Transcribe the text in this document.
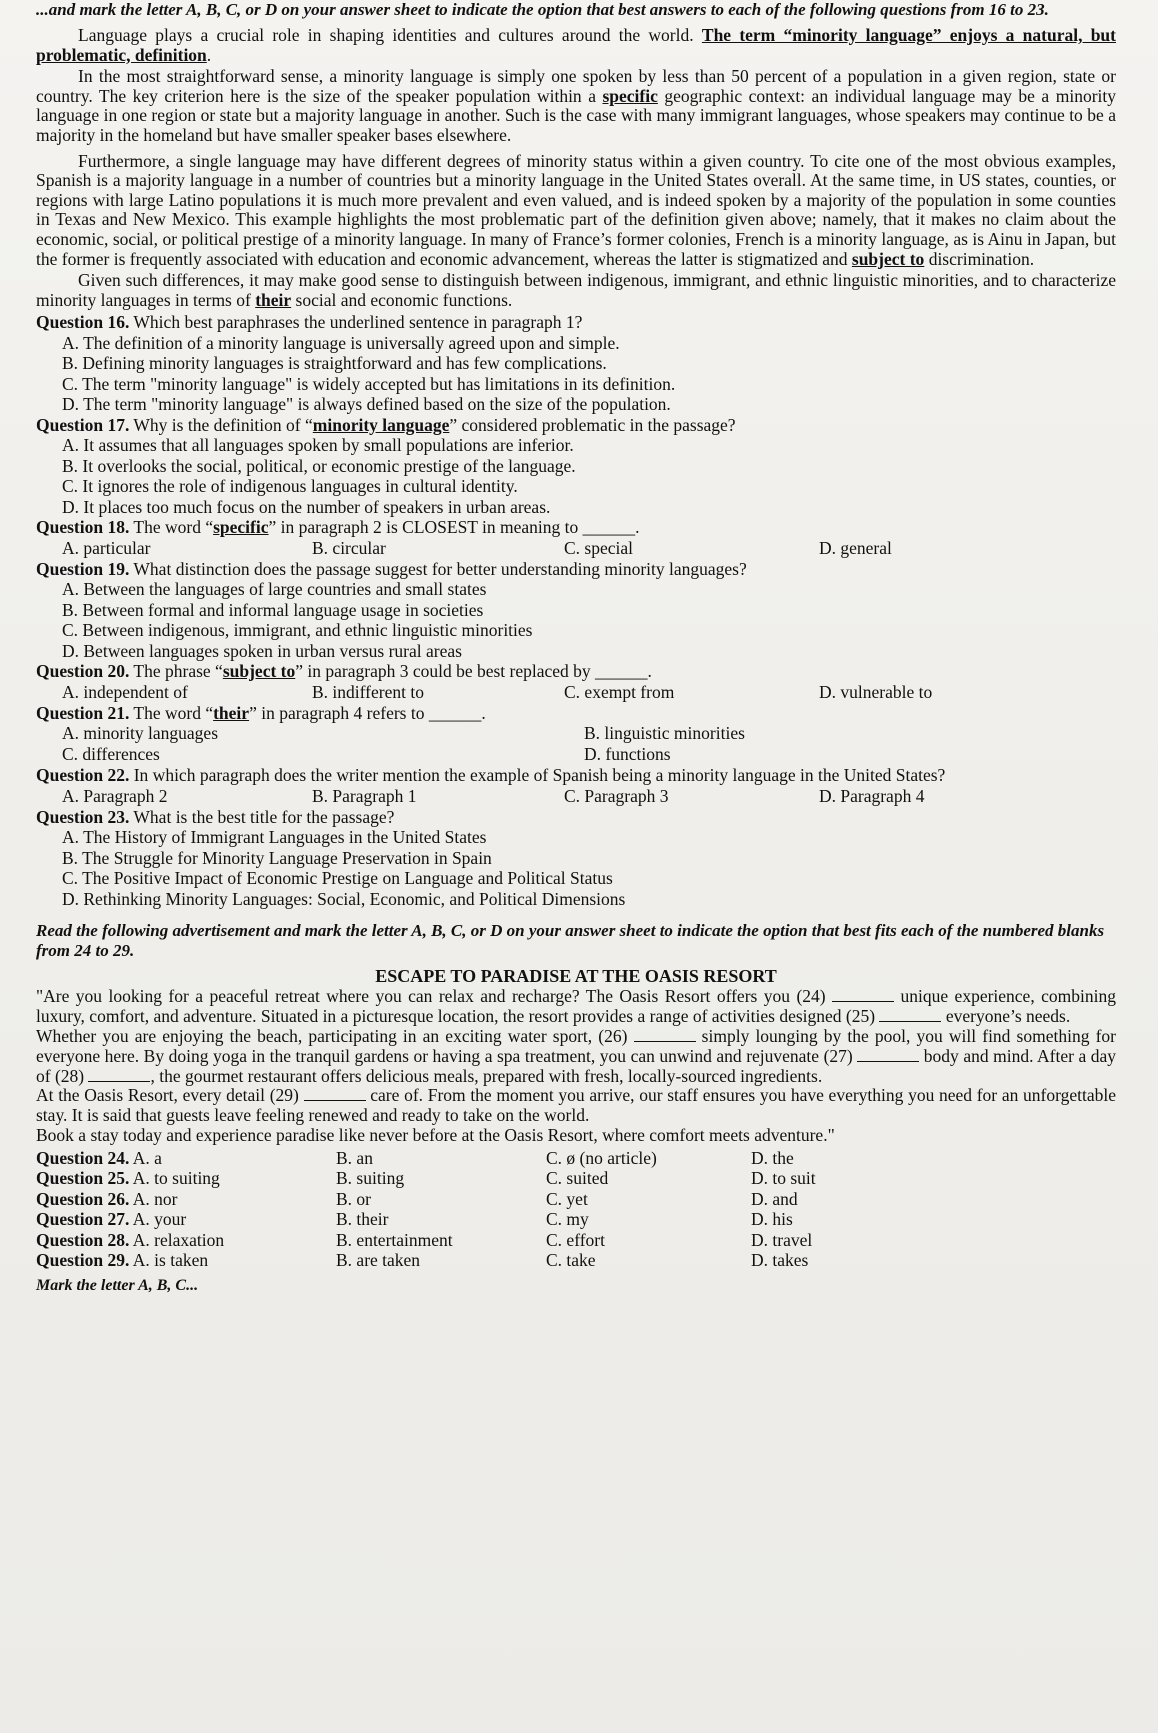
...and mark the letter A, B, C, or D on your answer sheet to indicate the option that best answers to each of the following questions from 16 to 23.

Language plays a crucial role in shaping identities and cultures around the world. The term “minority language” enjoys a natural, but problematic, definition.

In the most straightforward sense, a minority language is simply one spoken by less than 50 percent of a population in a given region, state or country. The key criterion here is the size of the speaker population within a specific geographic context: an individual language may be a minority language in one region or state but a majority language in another. Such is the case with many immigrant languages, whose speakers may continue to be a majority in the homeland but have smaller speaker bases elsewhere.

Furthermore, a single language may have different degrees of minority status within a given country. To cite one of the most obvious examples, Spanish is a majority language in a number of countries but a minority language in the United States overall. At the same time, in US states, counties, or regions with large Latino populations it is much more prevalent and even valued, and is indeed spoken by a majority of the population in some counties in Texas and New Mexico. This example highlights the most problematic part of the definition given above; namely, that it makes no claim about the economic, social, or political prestige of a minority language. In many of France’s former colonies, French is a minority language, as is Ainu in Japan, but the former is frequently associated with education and economic advancement, whereas the latter is stigmatized and subject to discrimination.

Given such differences, it may make good sense to distinguish between indigenous, immigrant, and ethnic linguistic minorities, and to characterize minority languages in terms of their social and economic functions.

Question 16. Which best paraphrases the underlined sentence in paragraph 1?

A. The definition of a minority language is universally agreed upon and simple.

B. Defining minority languages is straightforward and has few complications.

C. The term "minority language" is widely accepted but has limitations in its definition.

D. The term "minority language" is always defined based on the size of the population.

Question 17. Why is the definition of “minority language” considered problematic in the passage?

A. It assumes that all languages spoken by small populations are inferior.

B. It overlooks the social, political, or economic prestige of the language.

C. It ignores the role of indigenous languages in cultural identity.

D. It places too much focus on the number of speakers in urban areas.

Question 18. The word “specific” in paragraph 2 is CLOSEST in meaning to ______.

A. particular	B. circular	C. special	D. general

Question 19. What distinction does the passage suggest for better understanding minority languages?

A. Between the languages of large countries and small states

B. Between formal and informal language usage in societies

C. Between indigenous, immigrant, and ethnic linguistic minorities

D. Between languages spoken in urban versus rural areas

Question 20. The phrase “subject to” in paragraph 3 could be best replaced by ______.

A. independent of	B. indifferent to	C. exempt from	D. vulnerable to

Question 21. The word “their” in paragraph 4 refers to ______.

A. minority languages	B. linguistic minorities
C. differences	D. functions

Question 22. In which paragraph does the writer mention the example of Spanish being a minority language in the United States?

A. Paragraph 2	B. Paragraph 1	C. Paragraph 3	D. Paragraph 4

Question 23. What is the best title for the passage?

A. The History of Immigrant Languages in the United States

B. The Struggle for Minority Language Preservation in Spain

C. The Positive Impact of Economic Prestige on Language and Political Status

D. Rethinking Minority Languages: Social, Economic, and Political Dimensions

Read the following advertisement and mark the letter A, B, C, or D on your answer sheet to indicate the option that best fits each of the numbered blanks from 24 to 29.

ESCAPE TO PARADISE AT THE OASIS RESORT

"Are you looking for a peaceful retreat where you can relax and recharge? The Oasis Resort offers you (24)	unique experience, combining luxury, comfort, and adventure. Situated in a picturesque location, the resort provides a range of activities designed (25)	everyone’s needs.

Whether you are enjoying the beach, participating in an exciting water sport, (26)	simply lounging by the pool, you will find something for everyone here. By doing yoga in the tranquil gardens or having a spa treatment, you can unwind and rejuvenate (27)	body and mind. After a day of (28)	, the gourmet restaurant offers delicious meals, prepared with fresh, locally-sourced ingredients.

At the Oasis Resort, every detail (29)	care of. From the moment you arrive, our staff ensures you have everything you need for an unforgettable stay. It is said that guests leave feeling renewed and ready to take on the world.

Book a stay today and experience paradise like never before at the Oasis Resort, where comfort meets adventure."

Question 24. A. a	B. an	C. ø (no article)	D. the
Question 25. A. to suiting	B. suiting	C. suited	D. to suit
Question 26. A. nor	B. or	C. yet	D. and
Question 27. A. your	B. their	C. my	D. his
Question 28. A. relaxation	B. entertainment	C. effort	D. travel
Question 29. A. is taken	B. are taken	C. take	D. takes

Mark the letter A, B, C...
